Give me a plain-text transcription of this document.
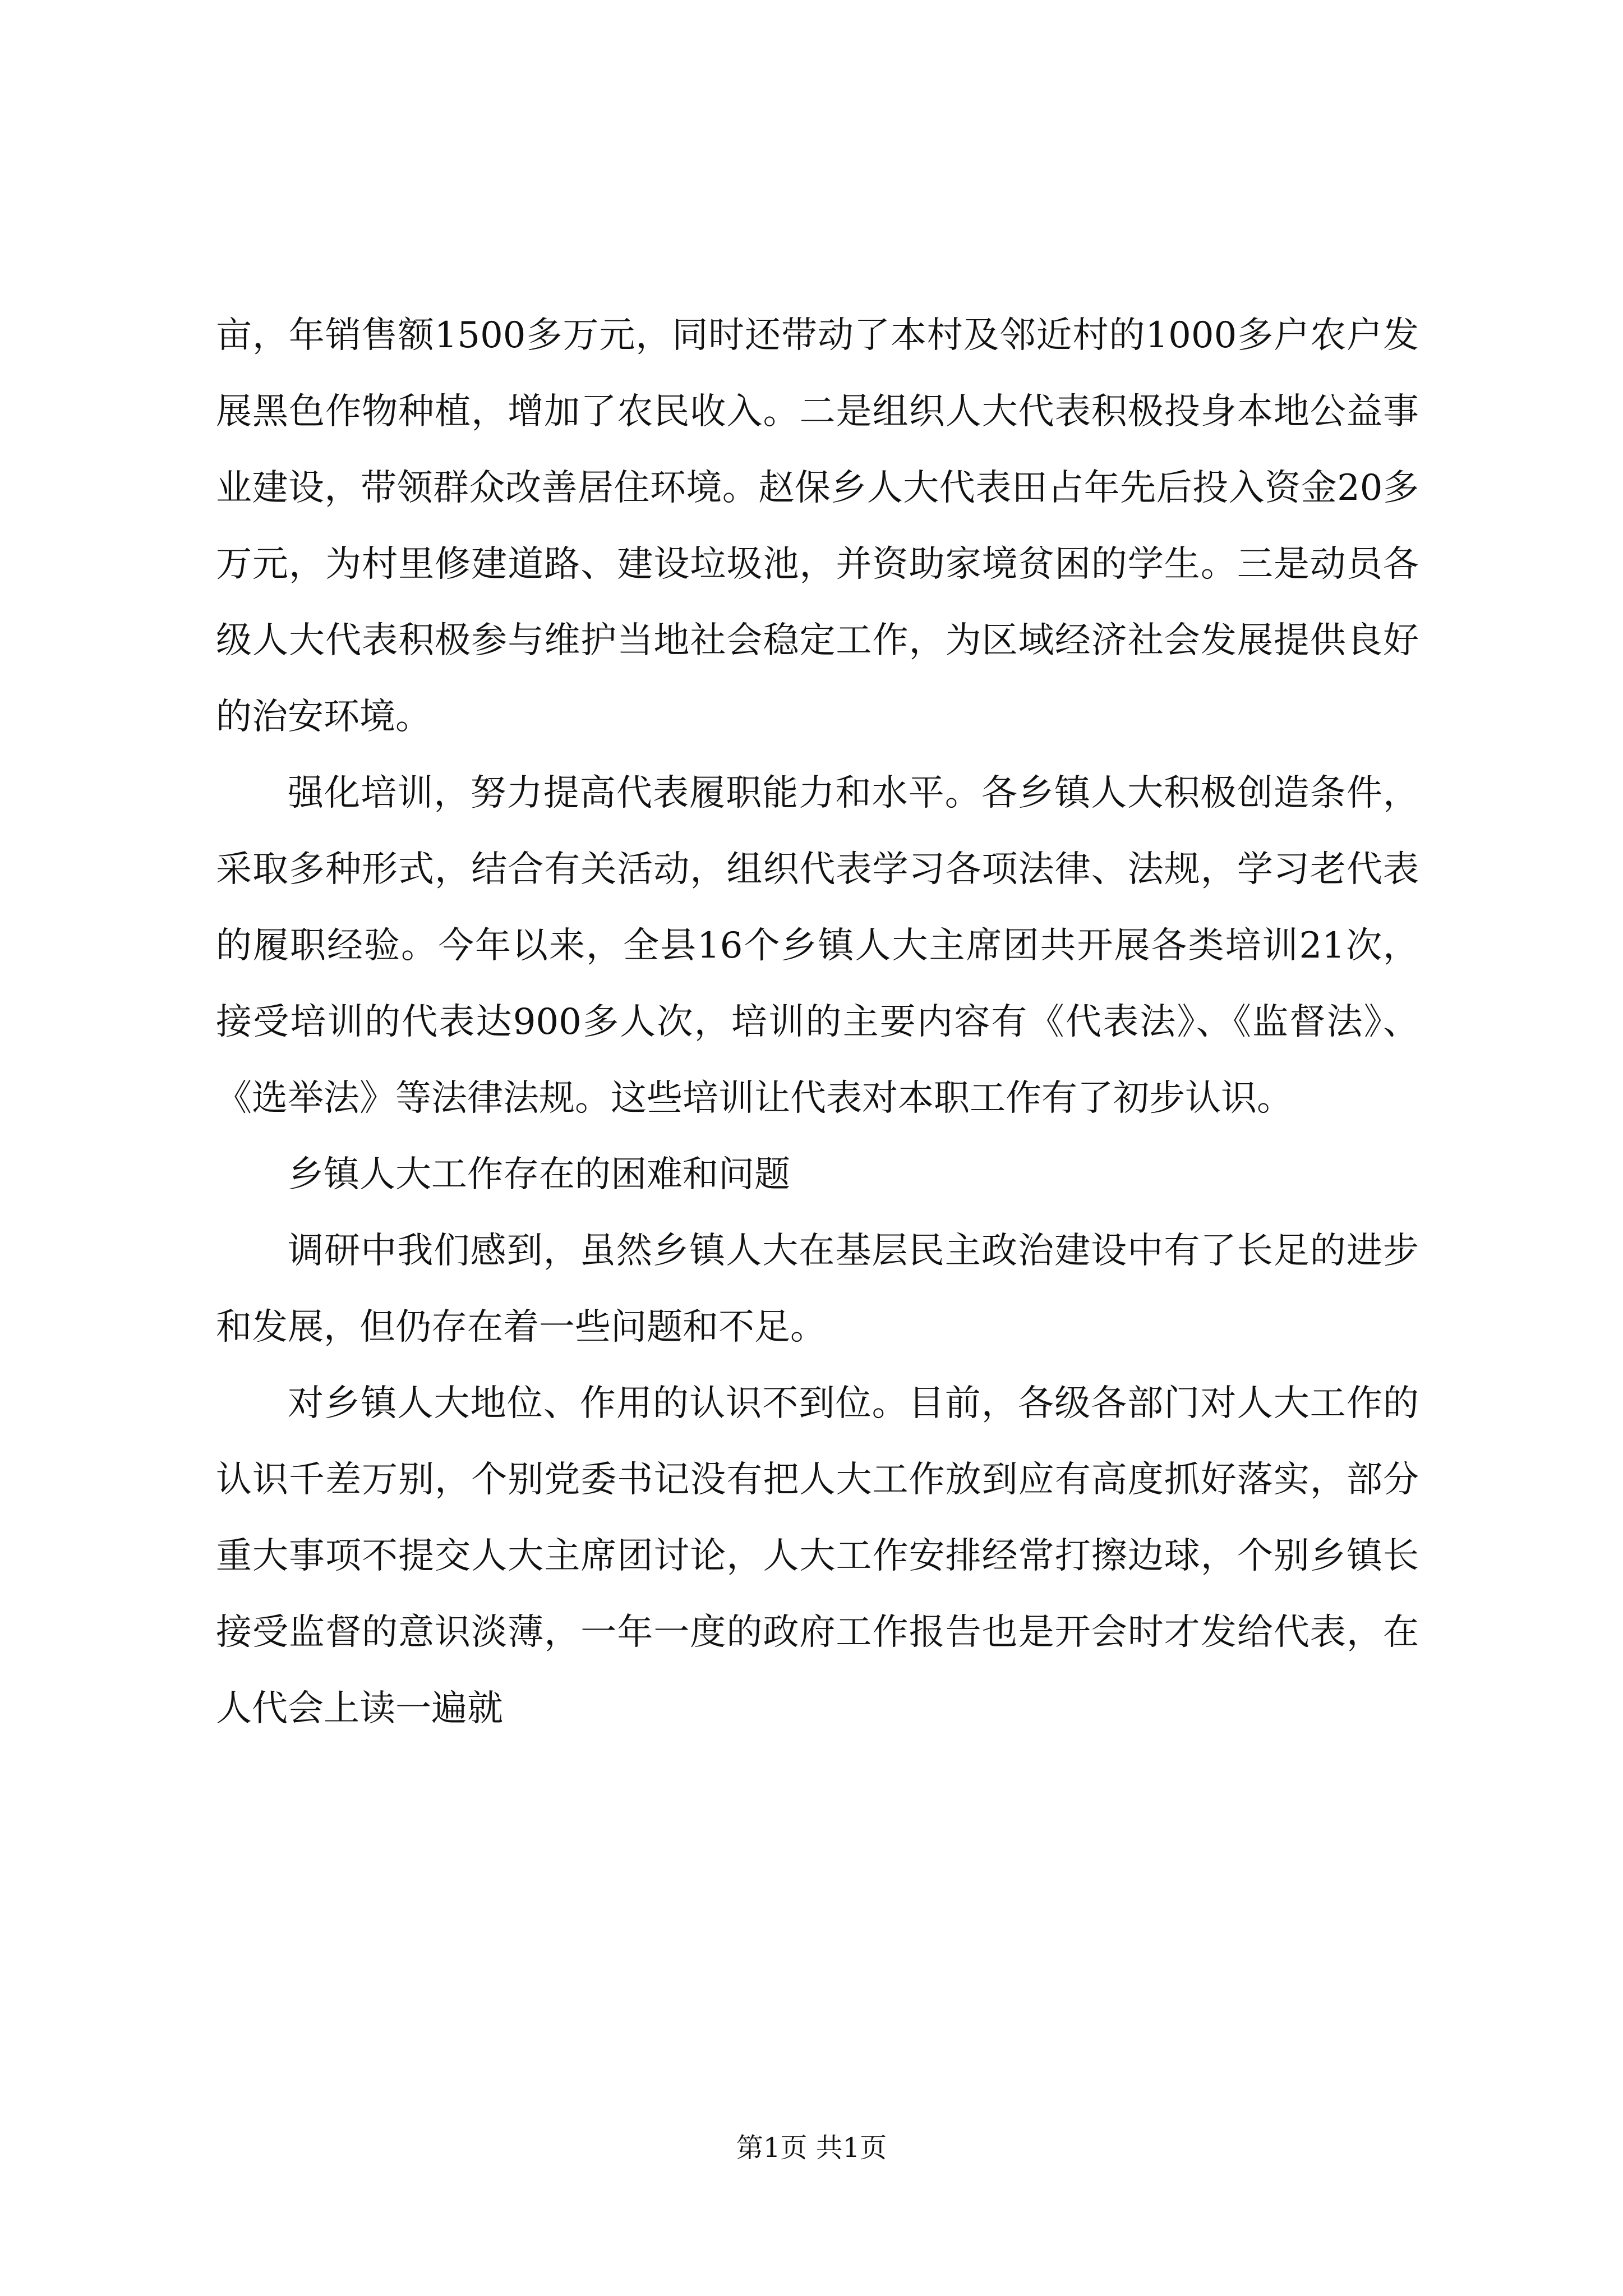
亩，年销售额1500多万元，同时还带动了本村及邻近村的1000多户农户发展黑色作物种植，增加了农民收入。二是组织人大代表积极投身本地公益事业建设，带领群众改善居住环境。赵保乡人大代表田占年先后投入资金20多万元，为村里修建道路、建设垃圾池，并资助家境贫困的学生。三是动员各级人大代表积极参与维护当地社会稳定工作，为区域经济社会发展提供良好的治安环境。

强化培训，努力提高代表履职能力和水平。各乡镇人大积极创造条件，采取多种形式，结合有关活动，组织代表学习各项法律、法规，学习老代表的履职经验。今年以来，全县16个乡镇人大主席团共开展各类培训21次，接受培训的代表达900多人次，培训的主要内容有《代表法》、《监督法》、《选举法》等法律法规。这些培训让代表对本职工作有了初步认识。

乡镇人大工作存在的困难和问题

调研中我们感到，虽然乡镇人大在基层民主政治建设中有了长足的进步和发展，但仍存在着一些问题和不足。

对乡镇人大地位、作用的认识不到位。目前，各级各部门对人大工作的认识千差万别，个别党委书记没有把人大工作放到应有高度抓好落实，部分重大事项不提交人大主席团讨论，人大工作安排经常打擦边球，个别乡镇长接受监督的意识淡薄，一年一度的政府工作报告也是开会时才发给代表，在人代会上读一遍就

第1页 共1页
